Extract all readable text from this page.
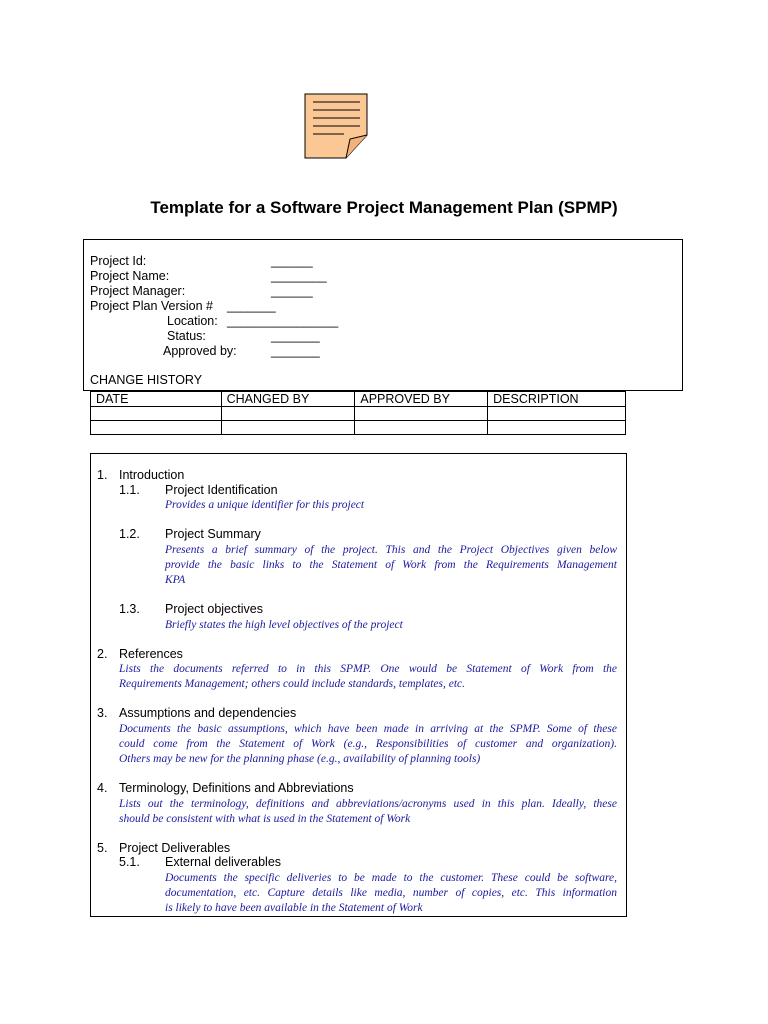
Template for a Software Project Management Plan (SPMP)
Project Id:	______
Project Name:	________
Project Manager:	______
Project Plan Version # _______
Location: ________________
Status:	_______
Approved by:	_______
CHANGE HISTORY
DATE	CHANGED BY	APPROVED BY	DESCRIPTION

1. Introduction
1.1. Project Identification
Provides a unique identifier for this project
1.2. Project Summary
Presents a brief summary of the project. This and the Project Objectives given below
provide the basic links to the Statement of Work from the Requirements Management
KPA
1.3. Project objectives
Briefly states the high level objectives of the project
2. References
Lists the documents referred to in this SPMP. One would be Statement of Work from the
Requirements Management; others could include standards, templates, etc.
3. Assumptions and dependencies
Documents the basic assumptions, which have been made in arriving at the SPMP. Some of these
could come from the Statement of Work (e.g., Responsibilities of customer and organization).
Others may be new for the planning phase (e.g., availability of planning tools)
4. Terminology, Definitions and Abbreviations
Lists out the terminology, definitions and abbreviations/acronyms used in this plan. Ideally, these
should be consistent with what is used in the Statement of Work
5. Project Deliverables
5.1. External deliverables
Documents the specific deliveries to be made to the customer. These could be software,
documentation, etc. Capture details like media, number of copies, etc. This information
is likely to have been available in the Statement of Work
